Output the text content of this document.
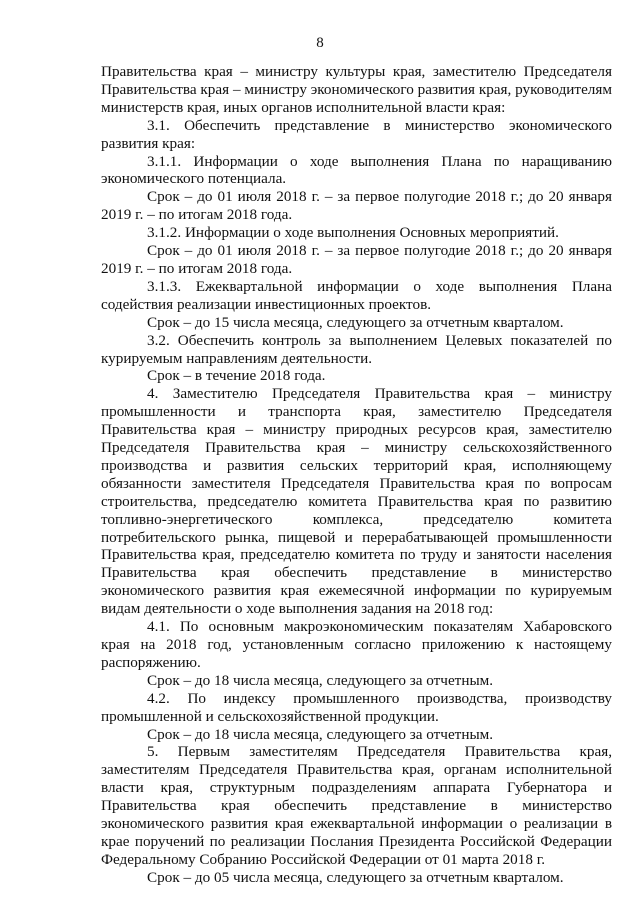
8

Правительства края – министру культуры края, заместителю Председателя Правительства края – министру экономического развития края, руководителям министерств края, иных органов исполнительной власти края:

3.1. Обеспечить представление в министерство экономического развития края:

3.1.1. Информации о ходе выполнения Плана по наращиванию экономического потенциала.

Срок – до 01 июля 2018 г. – за первое полугодие 2018 г.; до 20 января 2019 г. – по итогам 2018 года.

3.1.2. Информации о ходе выполнения Основных мероприятий.

Срок – до 01 июля 2018 г. – за первое полугодие 2018 г.; до 20 января 2019 г. – по итогам 2018 года.

3.1.3. Ежеквартальной информации о ходе выполнения Плана содействия реализации инвестиционных проектов.

Срок – до 15 числа месяца, следующего за отчетным кварталом.

3.2. Обеспечить контроль за выполнением Целевых показателей по курируемым направлениям деятельности.

Срок – в течение 2018 года.

4. Заместителю Председателя Правительства края – министру промышленности и транспорта края, заместителю Председателя Правительства края – министру природных ресурсов края, заместителю Председателя Правительства края – министру сельскохозяйственного производства и развития сельских территорий края, исполняющему обязанности заместителя Председателя Правительства края по вопросам строительства, председателю комитета Правительства края по развитию топливно-энергетического комплекса, председателю комитета потребительского рынка, пищевой и перерабатывающей промышленности Правительства края, председателю комитета по труду и занятости населения Правительства края обеспечить представление в министерство экономического развития края ежемесячной информации по курируемым видам деятельности о ходе выполнения задания на 2018 год:

4.1. По основным макроэкономическим показателям Хабаровского края на 2018 год, установленным согласно приложению к настоящему распоряжению.

Срок – до 18 числа месяца, следующего за отчетным.

4.2. По индексу промышленного производства, производству промышленной и сельскохозяйственной продукции.

Срок – до 18 числа месяца, следующего за отчетным.

5. Первым заместителям Председателя Правительства края, заместителям Председателя Правительства края, органам исполнительной власти края, структурным подразделениям аппарата Губернатора и Правительства края обеспечить представление в министерство экономического развития края ежеквартальной информации о реализации в крае поручений по реализации Послания Президента Российской Федерации Федеральному Собранию Российской Федерации от 01 марта 2018 г.

Срок – до 05 числа месяца, следующего за отчетным кварталом.
